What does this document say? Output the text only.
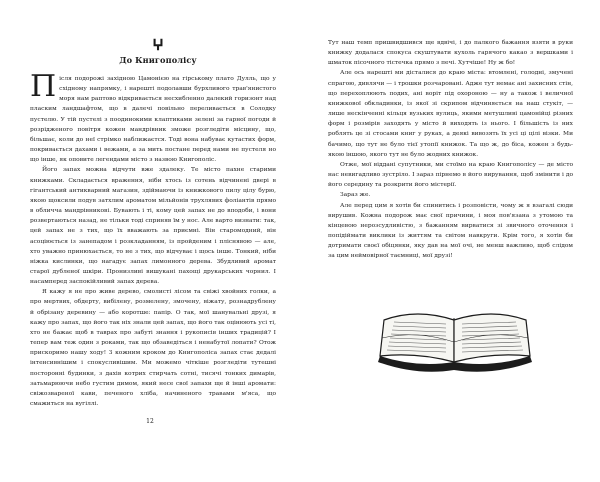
ⵖ
До Книгополісу

Після подорожі західною Цамонією на гірському плато Дулль, що у східному напрямку, і нарешті подолавши бурхливого трав'янистого моря нам раптово відкривається несхибленно далекий горизонт над пласким ландшафтом, що в далечі повільно переливається в Солодку пустелю. У тій пустелі з поодинокими клаптиками зелені за гарної погоди й розрідженого повітря кожен мандрівник зможе розгледіти місцину, що, більшає, коли до неї стрімко наближаєтся. Тоді вона набуває кутастих форм, покривається дахами і вежами, а за мить постане перед нами не пустеля но що інше, як оповите легендами місто з назвою Книгополіс.

Його запах можна відчути вже здалеку. Те місто пахне старими книжками. Складається враження, ніби хтось із сотень відчинені двері в гігантський антикварний магазин, здіймаючи із книжкового пилу цілу бурю, якою щоксили подув затхлим ароматом мільйонів трухлявих фоліантів прямо в обличча мандрівникові. Бувають і ті, кому цей запах не до вподоби, і вони розвертаються назад, не тільки тоді сприняв їм у нос. Але варто визнати: так, цей запах не з тих, що їх вважають за приємні. Він старомодний, він асоціюється із занепадом і розкладанням, із пройденим і пліснявою — але, хто уважно принюхається, то не з тих, що відчуває і щось інше. Тонкий, ніби ніжка кислинки, що нагадує запах лимонного дерева. Збудливий аромат старої дубленої шкіри. Пронизливі вишукані пахощі друкарських чорнил. І насамперед заспокійливий запах дерева.

Я кажу я не про живе дерево, смолисті лісом та свіжі хвойних голки, а про мертвих, обдерту, вибілену, розмелену, змочену, віжату, рознадрублену й обрізану деревину — або коротше: папір. О так, мої шанувальні друзі, я кажу про запах, що його так ніх знали цей запах, що його так оцінюють усі ті, хто не бажає щоб в таврах про забуті знання і рукописів інших традицій? І тепер вам теж один з роками, так що обзаведіться і ненабутої лопати? Отож прискоримо нашу ходу! З кожним кроком до Книгополіса запах стає дедалі інтенсивнішим і спокусливішим. Ми можемо чіткіше розгледіти тутешні посторонні будинки, з дахів котрих стирчать сотні, тисячі тонких димарів, затьмарюючи небо густим димом, який несе свої запахи ще й інші аромати: свіжозвареної кави, печеного хліба, начиненого травами м'яса, що смажиться на вугіллі.

12

Тут наш темп пришвидшився ще вдвічі, і до палкого бажання взяти в руки книжку додалася спокуса скуштувати кухоль гарячого какао з вершками і шматок пісочного тістечка прямо з печі. Хутчіше! Ну ж бо!

Але ось нарешті ми дісталися до краю міста: втомлені, голодні, змучені спрагою, дивлячи — і трошки розчаровані. Адже тут немає ані захисних стін, що перехоплюють подих, ані воріт під охороною — ну а також і величної книжкової обкладинки, із якої зі скрипом відчиняється на наш стукіт, — лише нескінченні кільця вузьких вулиць, якими метушливі цамонійці різних форм і розмірів заходять у місто й виходять із нього. І більшість із них роблять це зі стосами книг у руках, а деякі вивозять їх усі ці цілі візки. Ми бачимо, що тут не було тієї утопії книжок. Та що ж, до біса, кожен з будь-якою іншою, якого тут не було жодних книжок.

Отже, мої віддані супутники, ми стоїмо на краю Книгополісу — де місто нас невигадливо зустріло. І зараз пірнемо в його вирування, щоб змінити і до його середину та розкрити його містерії.

Зараз же.

Але перед цим я хотів би спинитись і розповісти, чому ж я взагалі сюди вирушив. Кожна подорож має свої причини, і моя пов'язана з утомою та кінцевою нерозсудливістю, з бажанням вирватися зі звичного оточення і попідіймати виклики із життям та світом навкруги. Крім того, я хотів би дотримати своєї обіцянки, яку дав на мої очі, не менш важливо, щоб слідом за цим неймовірної таємниці, мої друзі!
